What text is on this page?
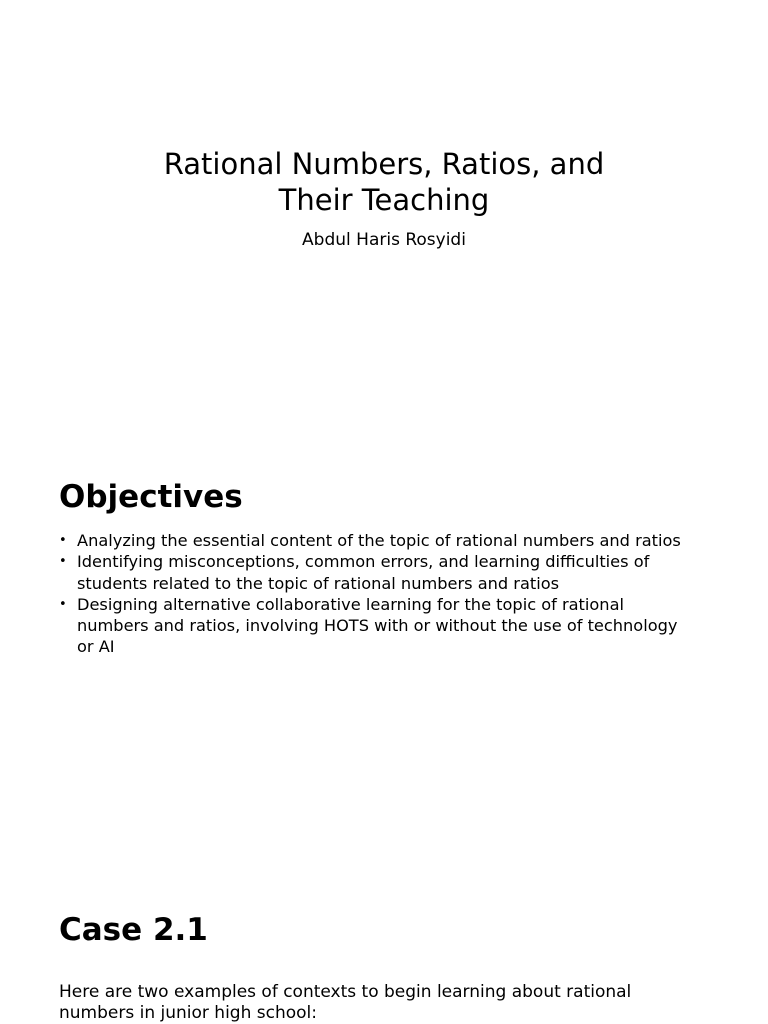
Rational Numbers, Ratios, and
Their Teaching
Abdul Haris Rosyidi
Objectives
• Analyzing the essential content of the topic of rational numbers and ratios
• Identifying misconceptions, common errors, and learning difficulties of students related to the topic of rational numbers and ratios
• Designing alternative collaborative learning for the topic of rational numbers and ratios, involving HOTS with or without the use of technology or AI
Case 2.1

Here are two examples of contexts to begin learning about rational numbers in junior high school:
